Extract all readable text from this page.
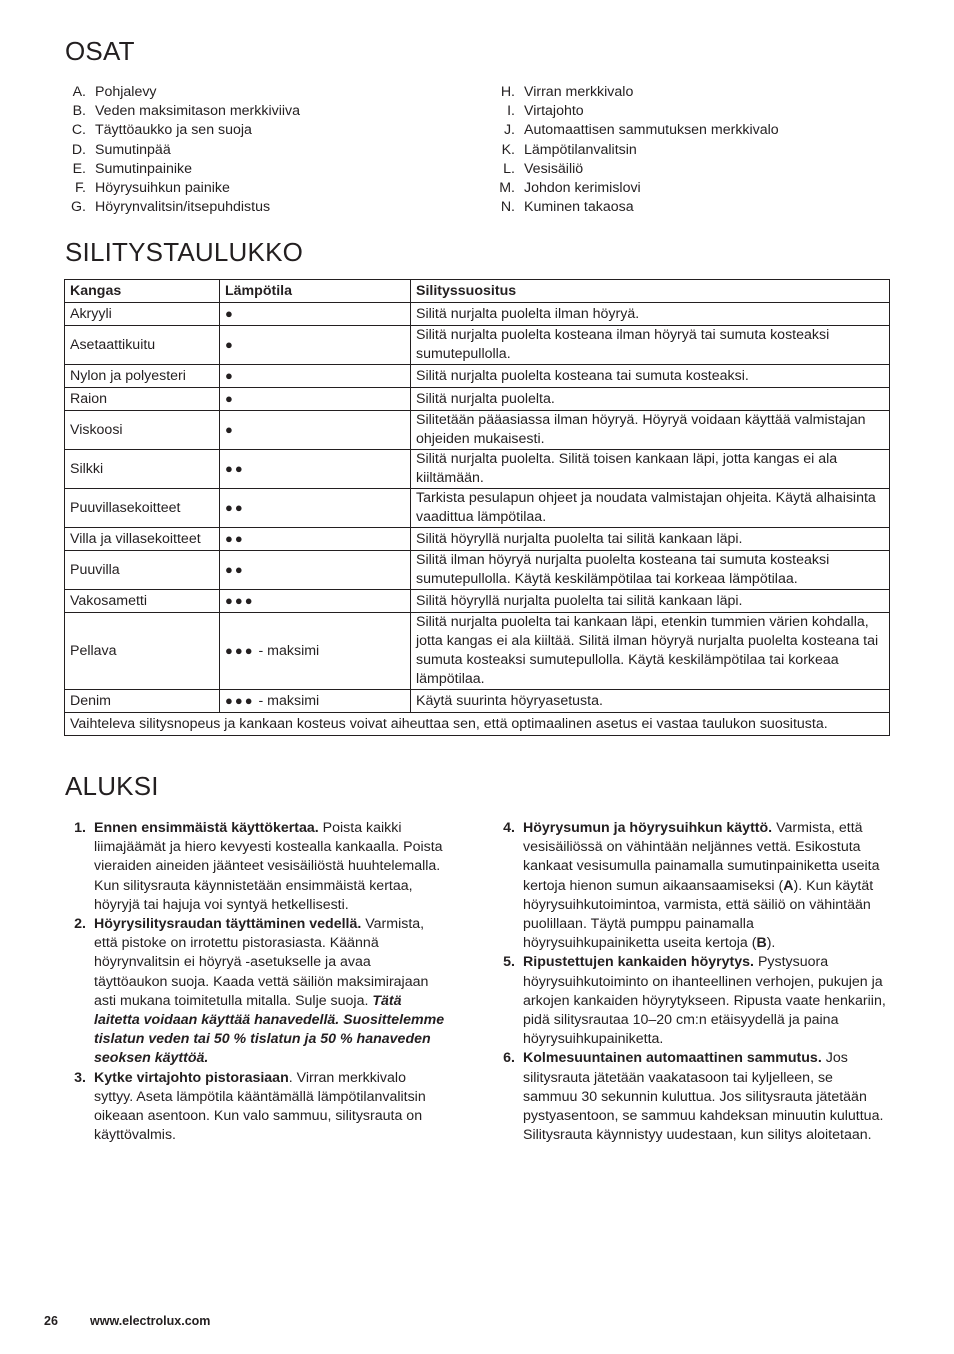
OSAT
A. Pohjalevy
B. Veden maksimitason merkkiviiva
C. Täyttöaukko ja sen suoja
D. Sumutinpää
E. Sumutinpainike
F. Höyrysuihkun painike
G. Höyrynvalitsin/itsepuhdistus
H. Virran merkkivalo
I. Virtajohto
J. Automaattisen sammutuksen merkkivalo
K. Lämpötilanvalitsin
L. Vesisäiliö
M. Johdon kerimislovi
N. Kuminen takaosa
SILITYSTAULUKKO
Kangas	Lämpötila	Silityssuositus
Akryyli	●	Silitä nurjalta puolelta ilman höyryä.
Asetaattikuitu	●	Silitä nurjalta puolelta kosteana ilman höyryä tai sumuta kosteaksi sumutepullolla.
Nylon ja polyesteri	●	Silitä nurjalta puolelta kosteana tai sumuta kosteaksi.
Raion	●	Silitä nurjalta puolelta.
Viskoosi	●	Silitetään pääasiassa ilman höyryä. Höyryä voidaan käyttää valmistajan ohjeiden mukaisesti.
Silkki	●●	Silitä nurjalta puolelta. Silitä toisen kankaan läpi, jotta kangas ei ala kiiltämään.
Puuvillasekoitteet	●●	Tarkista pesulapun ohjeet ja noudata valmistajan ohjeita. Käytä alhaisinta vaadittua lämpötilaa.
Villa ja villasekoitteet	●●	Silitä höyryllä nurjalta puolelta tai silitä kankaan läpi.
Puuvilla	●●	Silitä ilman höyryä nurjalta puolelta kosteana tai sumuta kosteaksi sumutepullolla. Käytä keskilämpötilaa tai korkeaa lämpötilaa.
Vakosametti	●●●	Silitä höyryllä nurjalta puolelta tai silitä kankaan läpi.
Pellava	●●● - maksimi	Silitä nurjalta puolelta tai kankaan läpi, etenkin tummien värien kohdalla, jotta kangas ei ala kiiltää. Silitä ilman höyryä nurjalta puolelta kosteana tai sumuta kosteaksi sumutepullolla. Käytä keskilämpötilaa tai korkeaa lämpötilaa.
Denim	●●● - maksimi	Käytä suurinta höyryasetusta.
Vaihteleva silitysnopeus ja kankaan kosteus voivat aiheuttaa sen, että optimaalinen asetus ei vastaa taulukon suositusta.		
ALUKSI
1. Ennen ensimmäistä käyttökertaa. Poista kaikki liimajäämät ja hiero kevyesti kostealla kankaalla. Poista vieraiden aineiden jäänteet vesisäiliöstä huuhtelemalla. Kun silitysrauta käynnistetään ensimmäistä kertaa, höyryjä tai hajuja voi syntyä hetkellisesti.
2. Höyrysilitysraudan täyttäminen vedellä. Varmista, että pistoke on irrotettu pistorasiasta. Käännä höyrynvalitsin ei höyryä -asetukselle ja avaa täyttöaukon suoja. Kaada vettä säiliön maksimirajaan asti mukana toimitetulla mitalla. Sulje suoja. Tätä laitetta voidaan käyttää hanavedellä. Suosittelemme tislatun veden tai 50 % tislatun ja 50 % hanaveden seoksen käyttöä.
3. Kytke virtajohto pistorasiaan. Virran merkkivalo syttyy. Aseta lämpötila kääntämällä lämpötilanvalitsin oikeaan asentoon. Kun valo sammuu, silitysrauta on käyttövalmis.
4. Höyrysumun ja höyrysuihkun käyttö. Varmista, että vesisäiliössä on vähintään neljännes vettä. Esikostuta kankaat vesisumulla painamalla sumutinpainiketta useita kertoja hienon sumun aikaansaamiseksi (A). Kun käytät höyrysuihkutoimintoa, varmista, että säiliö on vähintään puolillaan. Täytä pumppu painamalla höyrysuihkupainiketta useita kertoja (B).
5. Ripustettujen kankaiden höyrytys. Pystysuora höyrysuihkutoiminto on ihanteellinen verhojen, pukujen ja arkojen kankaiden höyrytykseen. Ripusta vaate henkariin, pidä silitysrautaa 10–20 cm:n etäisyydellä ja paina höyrysuihkupainiketta.
6. Kolmesuuntainen automaattinen sammutus. Jos silitysrauta jätetään vaakatasoon tai kyljelleen, se sammuu 30 sekunnin kuluttua. Jos silitysrauta jätetään pystyasentoon, se sammuu kahdeksan minuutin kuluttua. Silitysrauta käynnistyy uudestaan, kun silitys aloitetaan.
26	www.electrolux.com
